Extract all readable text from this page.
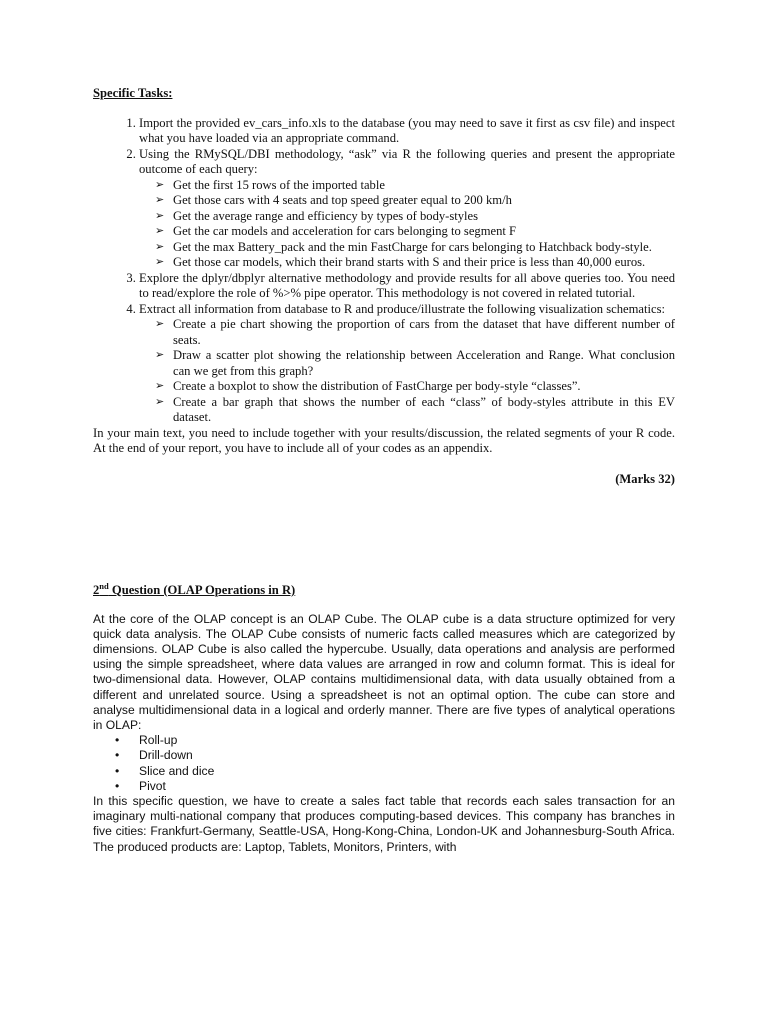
Specific Tasks:
1. Import the provided ev_cars_info.xls to the database (you may need to save it first as csv file) and inspect what you have loaded via an appropriate command.
2. Using the RMySQL/DBI methodology, “ask” via R the following queries and present the appropriate outcome of each query:
➢ Get the first 15 rows of the imported table
➢ Get those cars with 4 seats and top speed greater equal to 200 km/h
➢ Get the average range and efficiency by types of body-styles
➢ Get the car models and acceleration for cars belonging to segment F
➢ Get the max Battery_pack and the min FastCharge for cars belonging to Hatchback body-style.
➢ Get those car models, which their brand starts with S and their price is less than 40,000 euros.
3. Explore the dplyr/dbplyr alternative methodology and provide results for all above queries too. You need to read/explore the role of %>% pipe operator. This methodology is not covered in related tutorial.
4. Extract all information from database to R and produce/illustrate the following visualization schematics:
➢ Create a pie chart showing the proportion of cars from the dataset that have different number of seats.
➢ Draw a scatter plot showing the relationship between Acceleration and Range. What conclusion can we get from this graph?
➢ Create a boxplot to show the distribution of FastCharge per body-style “classes”.
➢ Create a bar graph that shows the number of each “class” of body-styles attribute in this EV dataset.
In your main text, you need to include together with your results/discussion, the related segments of your R code. At the end of your report, you have to include all of your codes as an appendix.
(Marks 32)
2nd Question (OLAP Operations in R)
At the core of the OLAP concept is an OLAP Cube. The OLAP cube is a data structure optimized for very quick data analysis. The OLAP Cube consists of numeric facts called measures which are categorized by dimensions. OLAP Cube is also called the hypercube. Usually, data operations and analysis are performed using the simple spreadsheet, where data values are arranged in row and column format. This is ideal for two-dimensional data. However, OLAP contains multidimensional data, with data usually obtained from a different and unrelated source. Using a spreadsheet is not an optimal option. The cube can store and analyse multidimensional data in a logical and orderly manner. There are five types of analytical operations in OLAP:
• Roll-up
• Drill-down
• Slice and dice
• Pivot
In this specific question, we have to create a sales fact table that records each sales transaction for an imaginary multi-national company that produces computing-based devices. This company has branches in five cities: Frankfurt-Germany, Seattle-USA, Hong-Kong-China, London-UK and Johannesburg-South Africa. The produced products are: Laptop, Tablets, Monitors, Printers, with
